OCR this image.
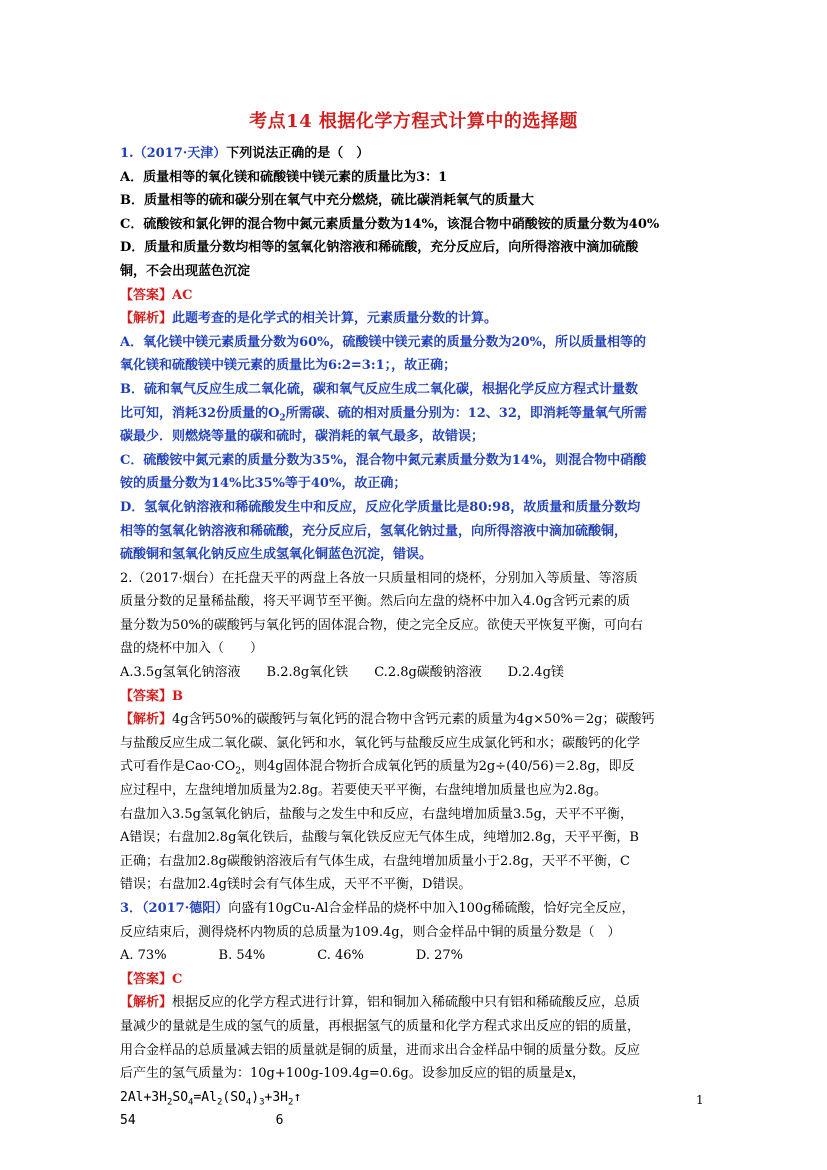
考点14 根据化学方程式计算中的选择题
1.（2017·天津）下列说法正确的是（　）
A．质量相等的氧化镁和硫酸镁中镁元素的质量比为3：1
B．质量相等的硫和碳分别在氧气中充分燃烧，硫比碳消耗氧气的质量大
C．硫酸铵和氯化钾的混合物中氮元素质量分数为14%，该混合物中硝酸铵的质量分数为40%
D．质量和质量分数均相等的氢氧化钠溶液和稀硫酸，充分反应后，向所得溶液中滴加硫酸
铜，不会出现蓝色沉淀
【答案】AC
【解析】此题考查的是化学式的相关计算，元素质量分数的计算。
A．氧化镁中镁元素质量分数为60%，硫酸镁中镁元素的质量分数为20%，所以质量相等的
氧化镁和硫酸镁中镁元素的质量比为6:2=3:1；，故正确；
B．硫和氧气反应生成二氧化硫，碳和氧气反应生成二氧化碳，根据化学反应方程式计量数
比可知，消耗32份质量的$O_2$所需碳、硫的相对质量分别为：12、32，即消耗等量氧气所需
碳最少．则燃烧等量的碳和硫时，碳消耗的氧气最多，故错误；
C．硫酸铵中氮元素的质量分数为35%，混合物中氮元素质量分数为14%，则混合物中硝酸
铵的质量分数为14%比35%等于40%，故正确；
D．氢氧化钠溶液和稀硫酸发生中和反应，反应化学质量比是80:98，故质量和质量分数均
相等的氢氧化钠溶液和稀硫酸，充分反应后，氢氧化钠过量，向所得溶液中滴加硫酸铜，
硫酸铜和氢氧化钠反应生成氢氧化铜蓝色沉淀，错误。
2.（2017·烟台）在托盘天平的两盘上各放一只质量相同的烧杯，分别加入等质量、等溶质
质量分数的足量稀盐酸，将天平调节至平衡。然后向左盘的烧杯中加入4.0g含钙元素的质
量分数为50%的碳酸钙与氧化钙的固体混合物，使之完全反应。欲使天平恢复平衡，可向右
盘的烧杯中加入（　　）
A.3.5g氢氧化钠溶液　　B.2.8g氧化铁　　C.2.8g碳酸钠溶液　　D.2.4g镁
【答案】B
【解析】4g含钙50%的碳酸钙与氧化钙的混合物中含钙元素的质量为4g×50%＝2g；碳酸钙
与盐酸反应生成二氧化碳、氯化钙和水，氧化钙与盐酸反应生成氯化钙和水；碳酸钙的化学
式可看作是$Cao\cdot CO_2$，则4g固体混合物折合成氧化钙的质量为2g÷(40/56)＝2.8g，即反
应过程中，左盘纯增加质量为2.8g。若要使天平平衡，右盘纯增加质量也应为2.8g。
右盘加入3.5g氢氧化钠后，盐酸与之发生中和反应，右盘纯增加质量3.5g，天平不平衡，
A错误；右盘加2.8g氧化铁后，盐酸与氧化铁反应无气体生成，纯增加2.8g，天平平衡，B
正确；右盘加2.8g碳酸钠溶液后有气体生成，右盘纯增加质量小于2.8g，天平不平衡，C
错误；右盘加2.4g镁时会有气体生成，天平不平衡，D错误。
3．（2017·德阳）向盛有10gCu-Al合金样品的烧杯中加入100g稀硫酸，恰好完全反应，
反应结束后，测得烧杯内物质的总质量为109.4g，则合金样品中铜的质量分数是（　）
A. 73%　　　　B. 54%　　　　C. 46%　　　　D. 27%
【答案】C
【解析】根据反应的化学方程式进行计算，铝和铜加入稀硫酸中只有铝和稀硫酸反应，总质
量减少的量就是生成的氢气的质量，再根据氢气的质量和化学方程式求出反应的铝的质量，
用合金样品的总质量减去铝的质量就是铜的质量，进而求出合金样品中铜的质量分数。反应
后产生的氢气质量为：10g+100g-109.4g=0.6g。设参加反应的铝的质量是x，
$2Al+3H_2SO_4=Al_2(SO_4)_3+3H_2↑$
54	6
1
